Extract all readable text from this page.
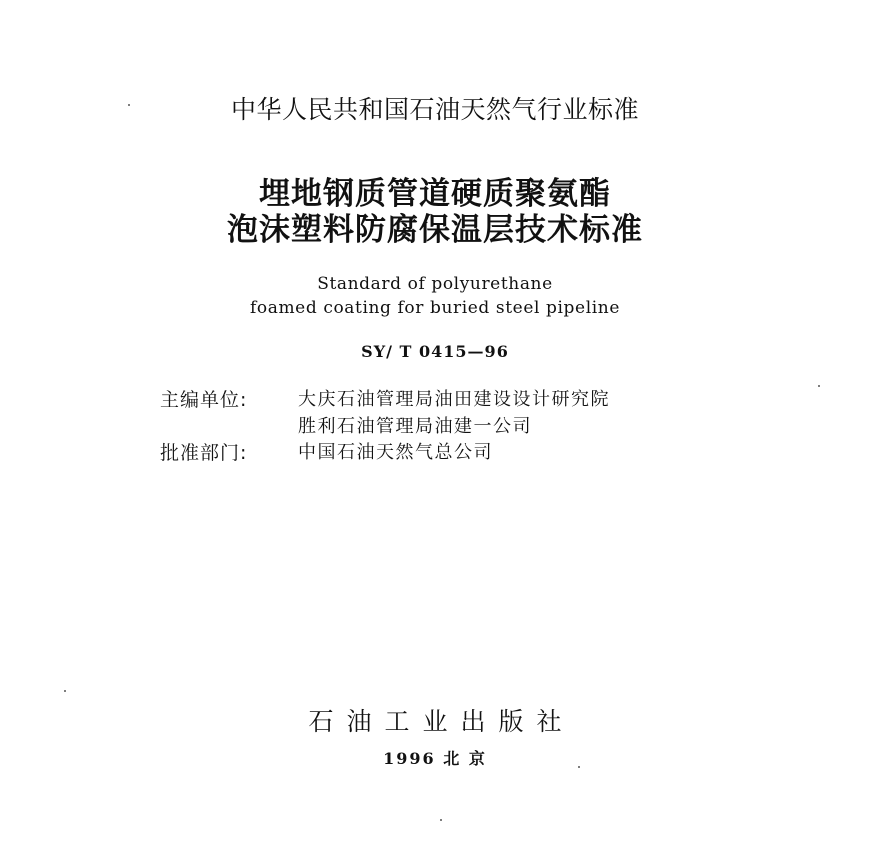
中华人民共和国石油天然气行业标准
埋地钢质管道硬质聚氨酯
泡沫塑料防腐保温层技术标准
Standard of polyurethane
foamed coating for buried steel pipeline
SY/ T 0415—96
主编单位:	大庆石油管理局油田建设设计研究院
胜利石油管理局油建一公司
批准部门:	中国石油天然气总公司
石油工业出版社
1996 北 京
